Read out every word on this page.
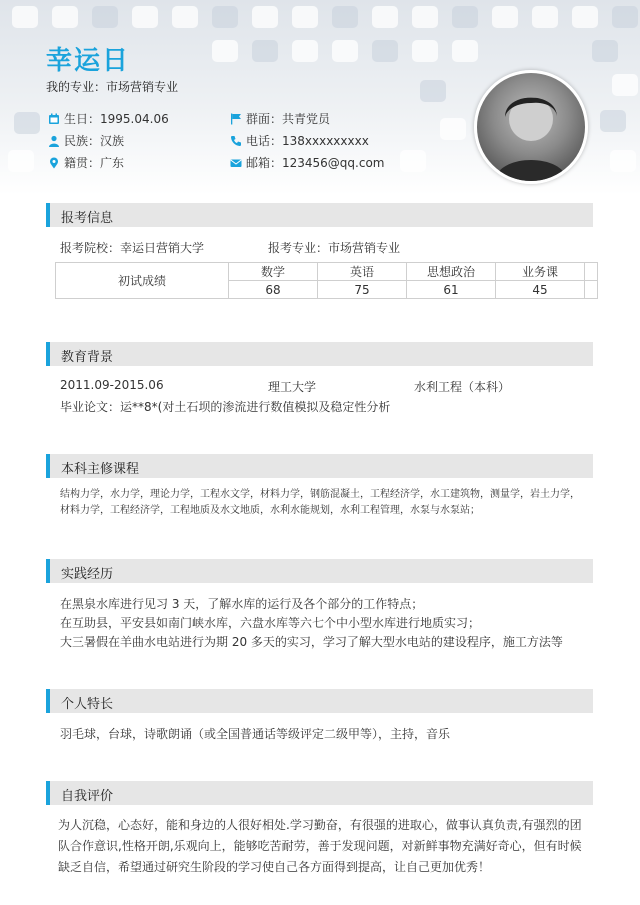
幸运日
我的专业：市场营销专业
生日：1995.04.06	群面：共青党员
民族：汉族	电话：138xxxxxxxxx
籍贯：广东	邮箱：123456@qq.com
报考信息
报考院校：幸运日营销大学	报考专业：市场营销专业
初试成绩	数学	英语	思想政治	业务课	
	68	75	61	45	
教育背景
2011.09-2015.06	理工大学	水利工程（本科）
毕业论文：运**8*(对土石坝的渗流进行数值模拟及稳定性分析
本科主修课程
结构力学，水力学，理论力学，工程水文学，材料力学，钢筋混凝土，工程经济学，水工建筑物，测量学，岩土力学，材料力学，工程经济学，工程地质及水文地质，水利水能规划，水利工程管理，水泵与水泵站；
实践经历
在黑泉水库进行见习 3 天，了解水库的运行及各个部分的工作特点；
在互助县，平安县如南门峡水库，六盘水库等六七个中小型水库进行地质实习；
大三暑假在羊曲水电站进行为期 20 多天的实习，学习了解大型水电站的建设程序，施工方法等
个人特长
羽毛球，台球，诗歌朗诵（或全国普通话等级评定二级甲等），主持，音乐
自我评价
为人沉稳，心态好，能和身边的人很好相处.学习勤奋，有很强的进取心，做事认真负责,有强烈的团队合作意识,性格开朗,乐观向上，能够吃苦耐劳，善于发现问题，对新鲜事物充满好奇心，但有时候缺乏自信，希望通过研究生阶段的学习使自己各方面得到提高，让自己更加优秀！
